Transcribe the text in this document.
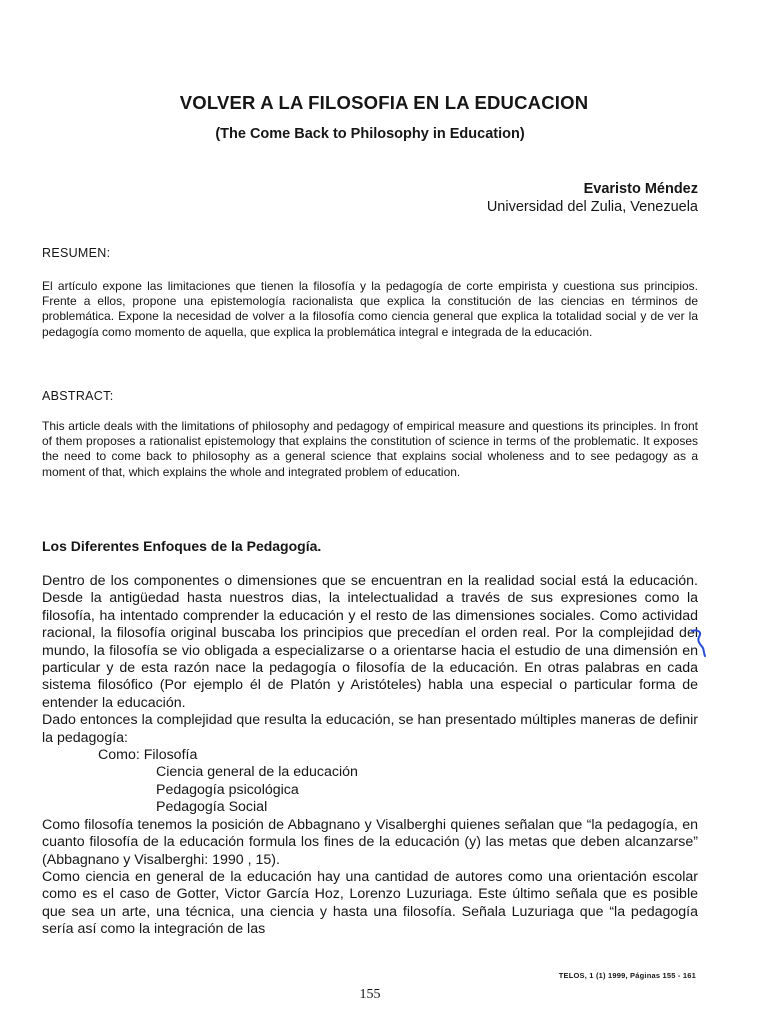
VOLVER A LA FILOSOFIA EN LA EDUCACION
(The Come Back to Philosophy in Education)
Evaristo Méndez
Universidad del Zulia, Venezuela
RESUMEN:

El artículo expone las limitaciones que tienen la filosofía y la pedagogía de corte empirista y cuestiona sus principios. Frente a ellos, propone una epistemología racionalista que explica la constitución de las ciencias en términos de problemática. Expone la necesidad de volver a la filosofía como ciencia general que explica la totalidad social y de ver la pedagogía como momento de aquella, que explica la problemática integral e integrada de la educación.

ABSTRACT:

This article deals with the limitations of philosophy and pedagogy of empirical measure and questions its principles. In front of them proposes a rationalist epistemology that explains the constitution of science in terms of the problematic. It exposes the need to come back to philosophy as a general science that explains social wholeness and to see pedagogy as a moment of that, which explains the whole and integrated problem of education.

Los Diferentes Enfoques de la Pedagogía.

Dentro de los componentes o dimensiones que se encuentran en la realidad social está la educación. Desde la antigüedad hasta nuestros dias, la intelectualidad a través de sus expresiones como la filosofía, ha intentado comprender la educación y el resto de las dimensiones sociales. Como actividad racional, la filosofía original buscaba los principios que precedían el orden real. Por la complejidad del mundo, la filosofía se vio obligada a especializarse o a orientarse hacia el estudio de una dimensión en particular y de esta razón nace la pedagogía o filosofía de la educación. En otras palabras en cada sistema filosófico (Por ejemplo él de Platón y Aristóteles) habla una especial o particular forma de entender la educación.

Dado entonces la complejidad que resulta la educación, se han presentado múltiples maneras de definir la pedagogía:

Como: Filosofía
Ciencia general de la educación
Pedagogía psicológica
Pedagogía Social

Como filosofía tenemos la posición de Abbagnano y Visalberghi quienes señalan que “la pedagogía, en cuanto filosofía de la educación formula los fines de la educación (y) las metas que deben alcanzarse” (Abbagnano y Visalberghi: 1990 , 15).

Como ciencia en general de la educación hay una cantidad de autores como una orientación escolar como es el caso de Gotter, Victor García Hoz, Lorenzo Luzuriaga. Este último señala que es posible que sea un arte, una técnica, una ciencia y hasta una filosofía. Señala Luzuriaga que “la pedagogía sería así como la integración de las

TELOS, 1 (1) 1999, Páginas 155 - 161
155
